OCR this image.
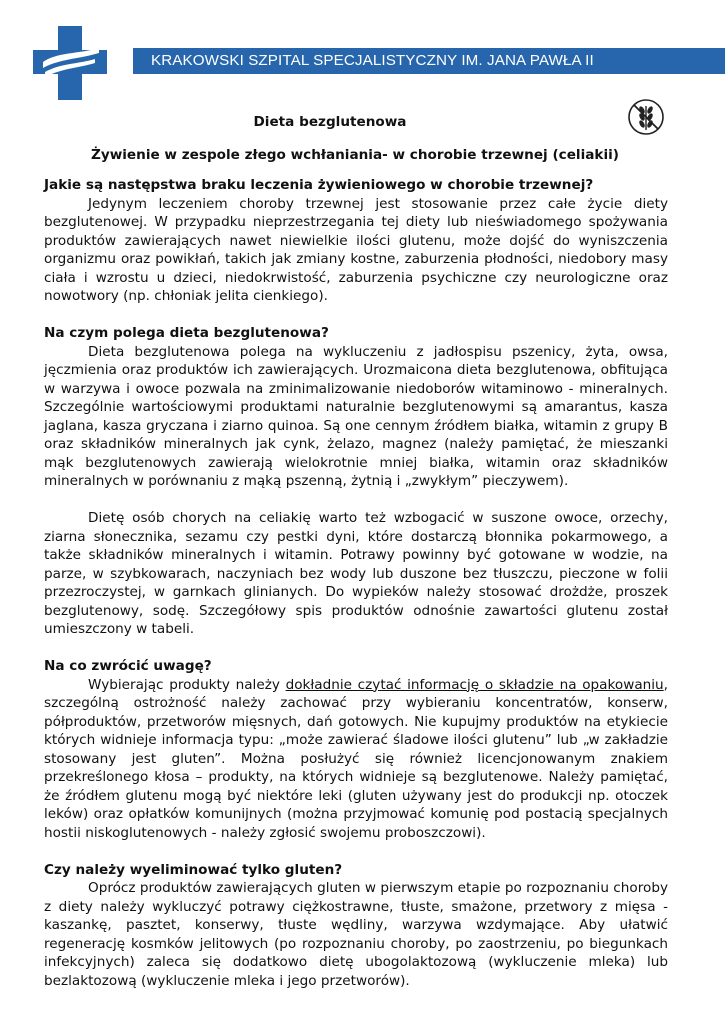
KRAKOWSKI SZPITAL SPECJALISTYCZNY IM. JANA PAWŁA II
Dieta bezglutenowa
Żywienie w zespole złego wchłaniania- w chorobie trzewnej (celiakii)

Jakie są następstwa braku leczenia żywieniowego w chorobie trzewnej?

Jedynym leczeniem choroby trzewnej jest stosowanie przez całe życie diety bezglutenowej. W przypadku nieprzestrzegania tej diety lub nieświadomego spożywania produktów zawierających nawet niewielkie ilości glutenu, może dojść do wyniszczenia organizmu oraz powikłań, takich jak zmiany kostne, zaburzenia płodności, niedobory masy ciała i wzrostu u dzieci, niedokrwistość, zaburzenia psychiczne czy neurologiczne oraz nowotwory (np. chłoniak jelita cienkiego).

Na czym polega dieta bezglutenowa?

Dieta bezglutenowa polega na wykluczeniu z jadłospisu pszenicy, żyta, owsa, jęczmienia oraz produktów ich zawierających. Urozmaicona dieta bezglutenowa, obfitująca w warzywa i owoce pozwala na zminimalizowanie niedoborów witaminowo - mineralnych. Szczególnie wartościowymi produktami naturalnie bezglutenowymi są amarantus, kasza jaglana, kasza gryczana i ziarno quinoa. Są one cennym źródłem białka, witamin z grupy B oraz składników mineralnych jak cynk, żelazo, magnez (należy pamiętać, że mieszanki mąk bezglutenowych zawierają wielokrotnie mniej białka, witamin oraz składników mineralnych w porównaniu z mąką pszenną, żytnią i „zwykłym” pieczywem).

Dietę osób chorych na celiakię warto też wzbogacić w suszone owoce, orzechy, ziarna słonecznika, sezamu czy pestki dyni, które dostarczą błonnika pokarmowego, a także składników mineralnych i witamin. Potrawy powinny być gotowane w wodzie, na parze, w szybkowarach, naczyniach bez wody lub duszone bez tłuszczu, pieczone w folii przezroczystej, w garnkach glinianych. Do wypieków należy stosować drożdże, proszek bezglutenowy, sodę. Szczegółowy spis produktów odnośnie zawartości glutenu został umieszczony w tabeli.

Na co zwrócić uwagę?

Wybierając produkty należy dokładnie czytać informację o składzie na opakowaniu, szczególną ostrożność należy zachować przy wybieraniu koncentratów, konserw, półproduktów, przetworów mięsnych, dań gotowych. Nie kupujmy produktów na etykiecie których widnieje informacja typu: „może zawierać śladowe ilości glutenu” lub „w zakładzie stosowany jest gluten”. Można posłużyć się również licencjonowanym znakiem przekreślonego kłosa – produkty, na których widnieje są bezglutenowe. Należy pamiętać, że źródłem glutenu mogą być niektóre leki (gluten używany jest do produkcji np. otoczek leków) oraz opłatków komunijnych (można przyjmować komunię pod postacią specjalnych hostii niskoglutenowych - należy zgłosić swojemu proboszczowi).

Czy należy wyeliminować tylko gluten?

Oprócz produktów zawierających gluten w pierwszym etapie po rozpoznaniu choroby z diety należy wykluczyć potrawy ciężkostrawne, tłuste, smażone, przetwory z mięsa - kaszankę, pasztet, konserwy, tłuste wędliny, warzywa wzdymające. Aby ułatwić regenerację kosmków jelitowych (po rozpoznaniu choroby, po zaostrzeniu, po biegunkach infekcyjnych) zaleca się dodatkowo dietę ubogolaktozową (wykluczenie mleka) lub bezlaktozową (wykluczenie mleka i jego przetworów).
